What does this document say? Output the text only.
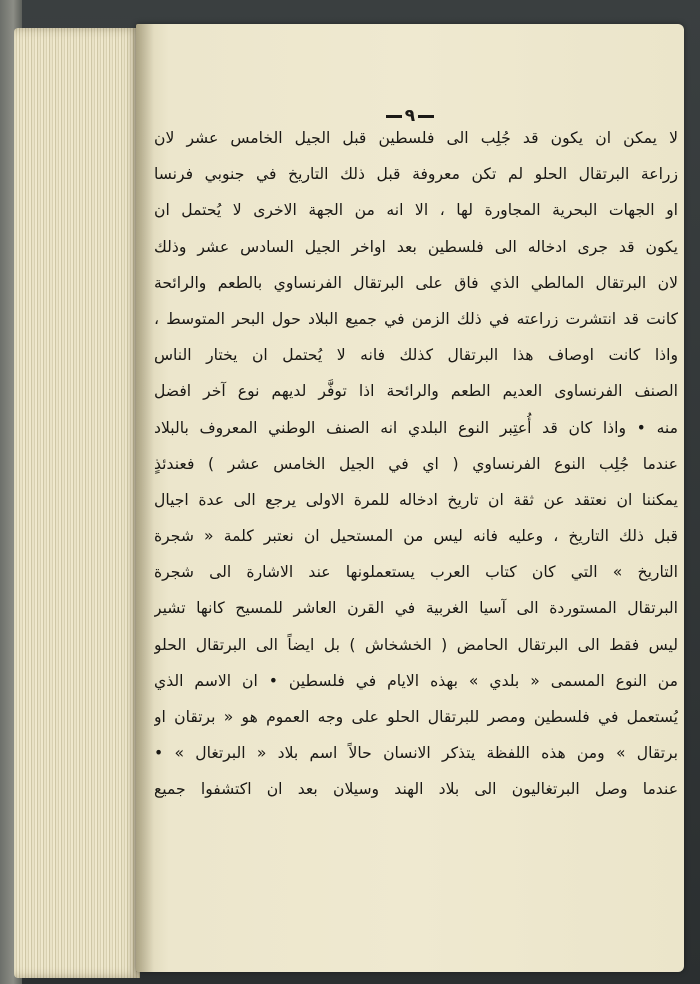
٩
لا يمكن ان يكون قد جُلِب الى فلسطين قبل الجيل الخامس عشر لان
زراعة البرتقال الحلو لم تكن معروفة قبل ذلك التاريخ في جنوبي فرنسا
او الجهات البحرية المجاورة لها ، الا انه من الجهة الاخرى لا يُحتمل ان
يكون قد جرى ادخاله الى فلسطين بعد اواخر الجيل السادس عشر وذلك
لان البرتقال المالطي الذي فاق على البرتقال الفرنساوي بالطعم والرائحة
كانت قد انتشرت زراعته في ذلك الزمن في جميع البلاد حول البحر المتوسط ،
واذا كانت اوصاف هذا البرتقال كذلك فانه لا يُحتمل ان يختار الناس
الصنف الفرنساوى العديم الطعم والرائحة اذا توفَّر لديهم نوع آخر افضل
منه • واذا كان قد أُعتِبر النوع البلدي انه الصنف الوطني المعروف بالبلاد
عندما جُلِب النوع الفرنساوي ( اي في الجيل الخامس عشر ) فعندئذٍ
يمكننا ان نعتقد عن ثقة ان تاريخ ادخاله للمرة الاولى يرجع الى عدة اجيال
قبل ذلك التاريخ ، وعليه فانه ليس من المستحيل ان نعتبر كلمة « شجرة
التاريخ » التي كان كتاب العرب يستعملونها عند الاشارة الى شجرة
البرتقال المستوردة الى آسيا الغربية في القرن العاشر للمسيح كانها تشير
ليس فقط الى البرتقال الحامض ( الخشخاش ) بل ايضاً الى البرتقال الحلو
من النوع المسمى « بلدي » بهذه الايام في فلسطين • ان الاسم الذي
يُستعمل في فلسطين ومصر للبرتقال الحلو على وجه العموم هو « برتقان او
برتقال » ومن هذه اللفظة يتذكر الانسان حالاً اسم بلاد « البرتغال » •
عندما وصل البرتغاليون الى بلاد الهند وسيلان بعد ان اكتشفوا جميع
